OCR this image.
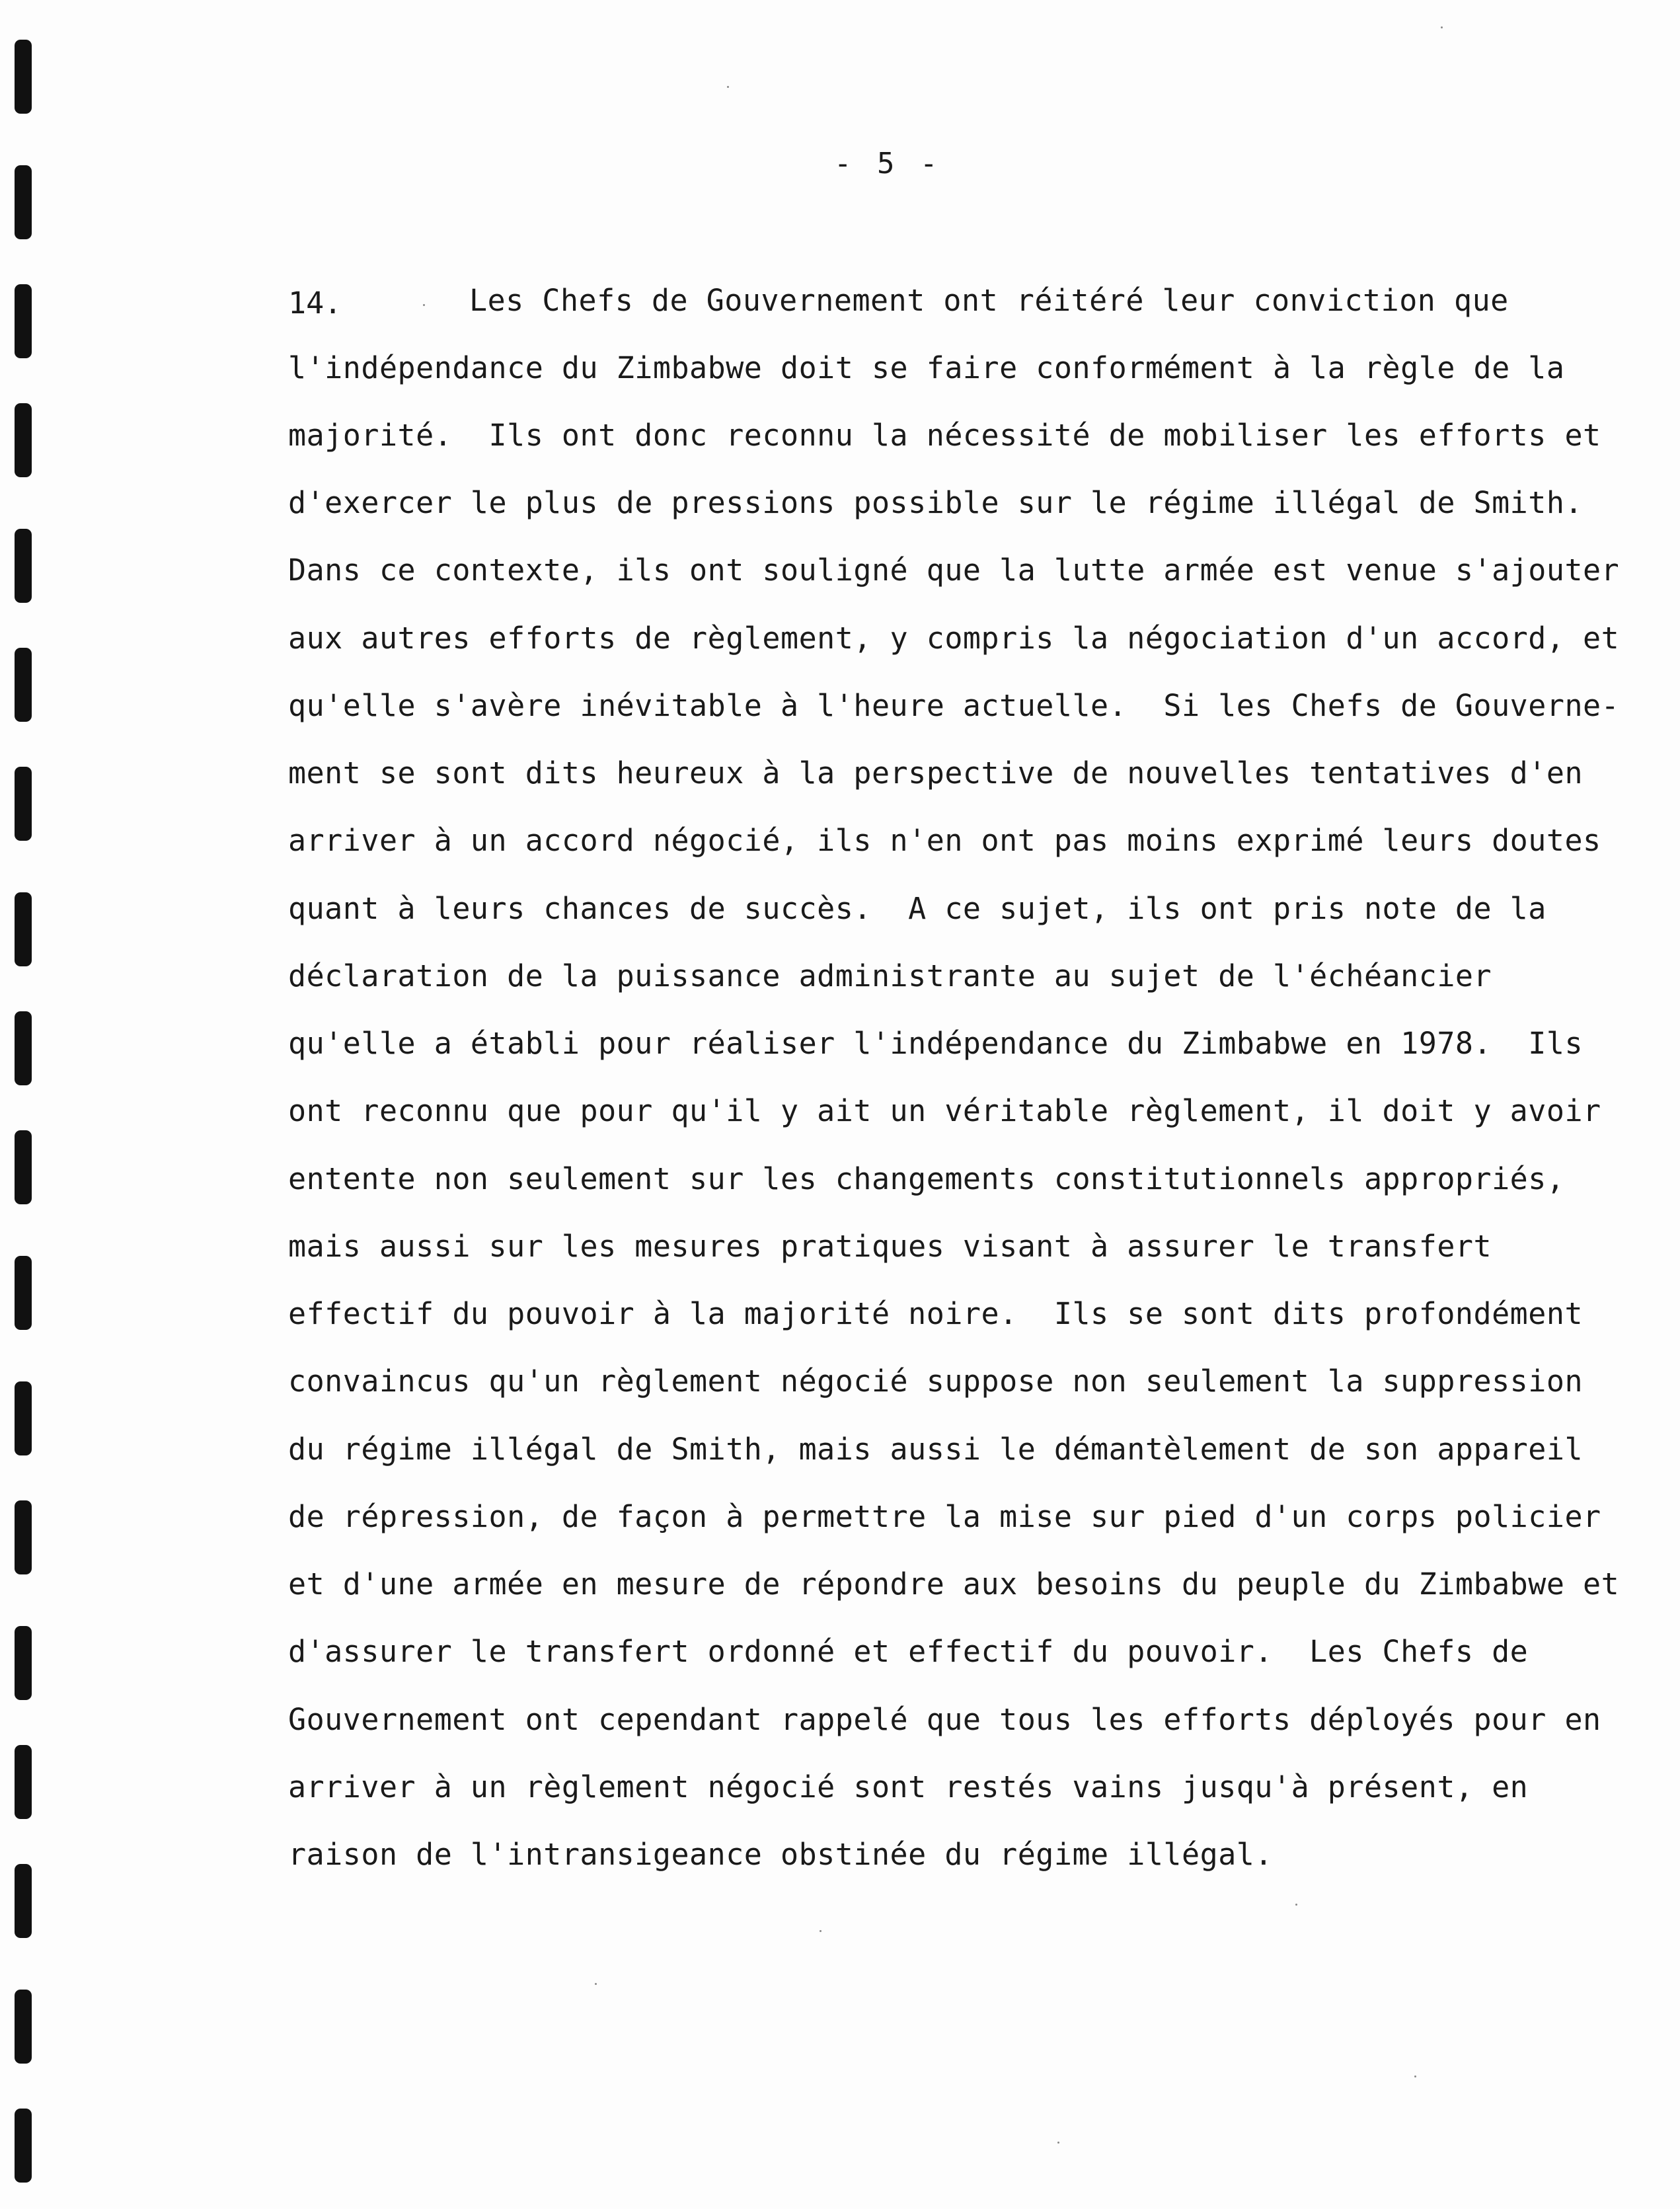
- 5 -
14.	Les Chefs de Gouvernement ont réitéré leur conviction que
l'indépendance du Zimbabwe doit se faire conformément à la règle de la
majorité.  Ils ont donc reconnu la nécessité de mobiliser les efforts et
d'exercer le plus de pressions possible sur le régime illégal de Smith.
Dans ce contexte, ils ont souligné que la lutte armée est venue s'ajouter
aux autres efforts de règlement, y compris la négociation d'un accord, et
qu'elle s'avère inévitable à l'heure actuelle.  Si les Chefs de Gouverne-
ment se sont dits heureux à la perspective de nouvelles tentatives d'en
arriver à un accord négocié, ils n'en ont pas moins exprimé leurs doutes
quant à leurs chances de succès.  A ce sujet, ils ont pris note de la
déclaration de la puissance administrante au sujet de l'échéancier
qu'elle a établi pour réaliser l'indépendance du Zimbabwe en 1978.  Ils
ont reconnu que pour qu'il y ait un véritable règlement, il doit y avoir
entente non seulement sur les changements constitutionnels appropriés,
mais aussi sur les mesures pratiques visant à assurer le transfert
effectif du pouvoir à la majorité noire.  Ils se sont dits profondément
convaincus qu'un règlement négocié suppose non seulement la suppression
du régime illégal de Smith, mais aussi le démantèlement de son appareil
de répression, de façon à permettre la mise sur pied d'un corps policier
et d'une armée en mesure de répondre aux besoins du peuple du Zimbabwe et
d'assurer le transfert ordonné et effectif du pouvoir.  Les Chefs de
Gouvernement ont cependant rappelé que tous les efforts déployés pour en
arriver à un règlement négocié sont restés vains jusqu'à présent, en
raison de l'intransigeance obstinée du régime illégal.
